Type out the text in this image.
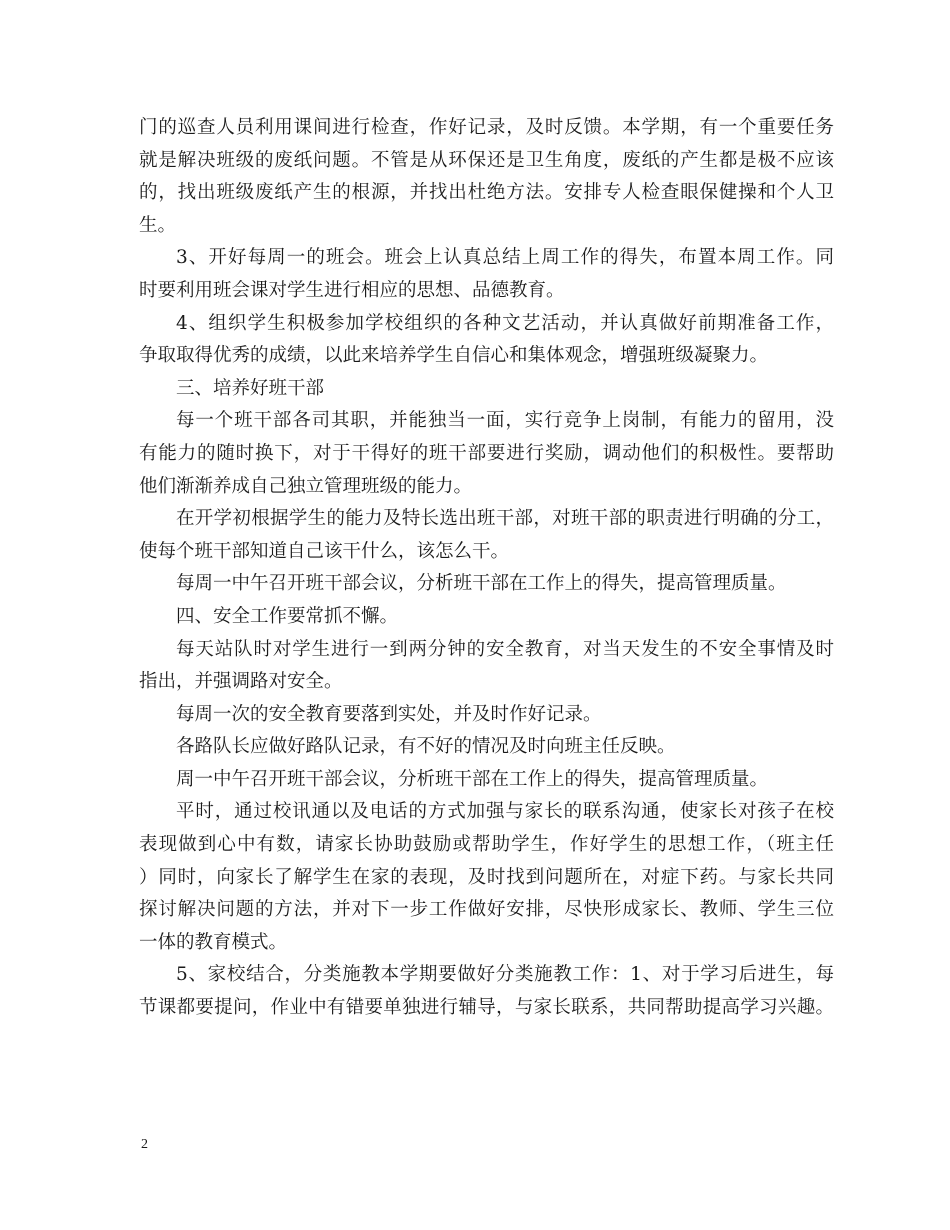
门的巡查人员利用课间进行检查，作好记录，及时反馈。本学期，有一个重要任务
就是解决班级的废纸问题。不管是从环保还是卫生角度，废纸的产生都是极不应该
的，找出班级废纸产生的根源，并找出杜绝方法。安排专人检查眼保健操和个人卫
生。
3、开好每周一的班会。班会上认真总结上周工作的得失，布置本周工作。同
时要利用班会课对学生进行相应的思想、品德教育。
4、组织学生积极参加学校组织的各种文艺活动，并认真做好前期准备工作，
争取取得优秀的成绩，以此来培养学生自信心和集体观念，增强班级凝聚力。
三、培养好班干部
每一个班干部各司其职，并能独当一面，实行竞争上岗制，有能力的留用，没
有能力的随时换下，对于干得好的班干部要进行奖励，调动他们的积极性。要帮助
他们渐渐养成自己独立管理班级的能力。
在开学初根据学生的能力及特长选出班干部，对班干部的职责进行明确的分工，
使每个班干部知道自己该干什么，该怎么干。
每周一中午召开班干部会议，分析班干部在工作上的得失，提高管理质量。
四、安全工作要常抓不懈。
每天站队时对学生进行一到两分钟的安全教育，对当天发生的不安全事情及时
指出，并强调路对安全。
每周一次的安全教育要落到实处，并及时作好记录。
各路队长应做好路队记录，有不好的情况及时向班主任反映。
周一中午召开班干部会议，分析班干部在工作上的得失，提高管理质量。
平时，通过校讯通以及电话的方式加强与家长的联系沟通，使家长对孩子在校
表现做到心中有数，请家长协助鼓励或帮助学生，作好学生的思想工作，（班主任
）同时，向家长了解学生在家的表现，及时找到问题所在，对症下药。与家长共同
探讨解决问题的方法，并对下一步工作做好安排，尽快形成家长、教师、学生三位
一体的教育模式。
5、家校结合，分类施教本学期要做好分类施教工作：1、对于学习后进生，每
节课都要提问，作业中有错要单独进行辅导，与家长联系，共同帮助提高学习兴趣。
2
